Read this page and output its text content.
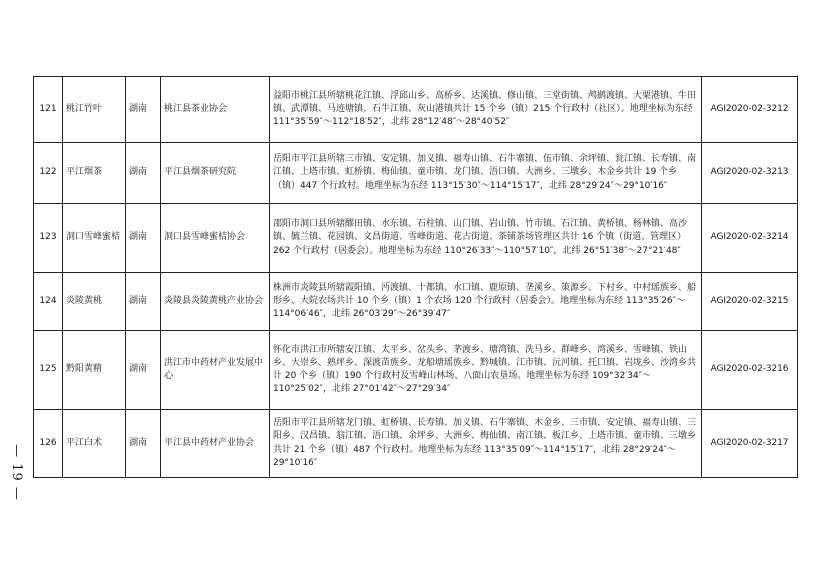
— 19 —
121	桃江竹叶	湖南	桃江县茶业协会	益阳市桃江县所辖桃花江镇、浮邱山乡、高桥乡、达溪镇、修山镇、三堂街镇、鸬鹚渡镇、大栗港镇、牛田镇、武潭镇、马迹塘镇、石牛江镇、灰山港镇共计 15 个乡（镇）215 个行政村（社区）。地理坐标为东经 111°35′59″～112°18′52″，北纬 28°12′48″～28°40′52″	AGI2020-02-3212
122	平江烟茶	湖南	平江县烟茶研究院	岳阳市平江县所辖三市镇、安定镇、加义镇、福寿山镇、石牛寨镇、伍市镇、余坪镇、瓮江镇、长寿镇、南江镇、上塔市镇、虹桥镇、梅仙镇、童市镇、龙门镇、浯口镇、大洲乡、三墩乡、木金乡共计 19 个乡（镇）447 个行政村。地理坐标为东经 113°15′30″～114°15′17″，北纬 28°29′24″～29°10′16″	AGI2020-02-3213
123	洞口雪峰蜜桔	湖南	洞口县雪峰蜜桔协会	邵阳市洞口县所辖醪田镇、水东镇、石柱镇、山门镇、岩山镇、竹市镇、石江镇、黄桥镇、杨林镇、高沙镇、毓兰镇、花园镇、文昌街道、雪峰街道、花古街道、茶铺茶场管理区共计 16 个镇（街道、管理区）262 个行政村（居委会）。地理坐标为东经 110°26′33″～110°57′10″，北纬 26°51′38″～27°21′48″	AGI2020-02-3214
124	炎陵黄桃	湖南	炎陵县炎陵黄桃产业协会	株洲市炎陵县所辖霞阳镇、沔渡镇、十都镇、水口镇、鹿原镇、垄溪乡、策源乡、下村乡、中村瑶族乡、船形乡、大院农场共计 10 个乡（镇）1 个农场 120 个行政村（居委会）。地理坐标为东经 113°35′26″～114°06′46″，北纬 26°03′29″～26°39′47″	AGI2020-02-3215
125	黔阳黄精	湖南	洪江市中药材产业发展中心	怀化市洪江市所辖安江镇、太平乡、岔头乡、茅渡乡、塘湾镇、洗马乡、群峰乡、湾溪乡、雪峰镇、铁山乡、大崇乡、熟坪乡、深渡苗族乡、龙船塘瑶族乡、黔城镇、江市镇、沅河镇、托口镇、岩垅乡、沙湾乡共计 20 个乡（镇）190 个行政村及雪峰山林场、八面山农垦场。地理坐标为东经 109°32′34″～110°25′02″，北纬 27°01′42″～27°29′34″	AGI2020-02-3216
126	平江白术	湖南	平江县中药材产业协会	岳阳市平江县所辖龙门镇、虹桥镇、长寿镇、加义镇、石牛寨镇、木金乡、三市镇、安定镇、福寿山镇、三阳乡、汉昌镇、翁江镇、浯口镇、余坪乡、大洲乡、梅仙镇、南江镇、板江乡、上塔市镇、童市镇、三墩乡共计 21 个乡（镇）487 个行政村。地理坐标为东经 113°35′09″～114°15′17″，北纬 28°29′24″～29°10′16″	AGI2020-02-3217
